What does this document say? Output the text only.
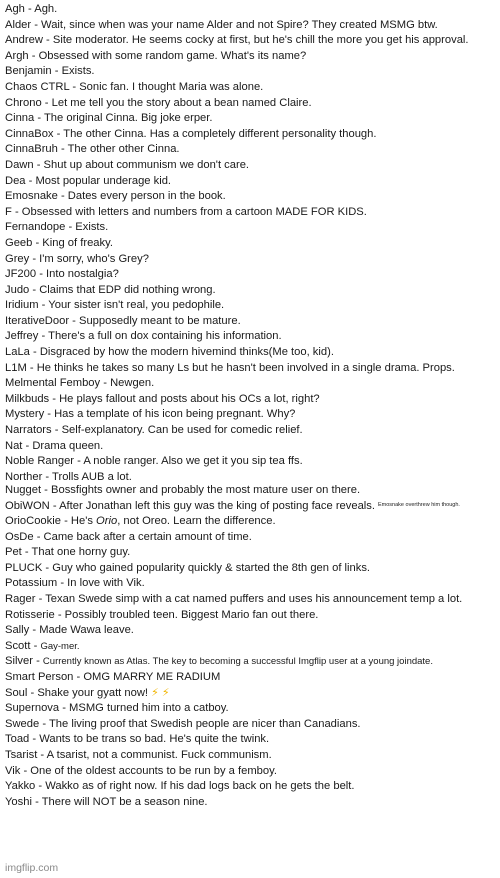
Agh - Agh.
Alder - Wait, since when was your name Alder and not Spire? They created MSMG btw.
Andrew - Site moderator. He seems cocky at first, but he's chill the more you get his approval.
Argh - Obsessed with some random game. What's its name?
Benjamin - Exists.
Chaos CTRL - Sonic fan. I thought Maria was alone.
Chrono - Let me tell you the story about a bean named Claire.
Cinna - The original Cinna. Big joke erper.
CinnaBox - The other Cinna. Has a completely different personality though.
CinnaBruh - The other other Cinna.
Dawn - Shut up about communism we don't care.
Dea - Most popular underage kid.
Emosnake - Dates every person in the book.
F - Obsessed with letters and numbers from a cartoon MADE FOR KIDS.
Fernandope - Exists.
Geeb - King of freaky.
Grey - I'm sorry, who's Grey?
JF200 - Into nostalgia?
Judo - Claims that EDP did nothing wrong.
Iridium - Your sister isn't real, you pedophile.
IterativeDoor - Supposedly meant to be mature.
Jeffrey - There's a full on dox containing his information.
LaLa - Disgraced by how the modern hivemind thinks(Me too, kid).
L1M - He thinks he takes so many Ls but he hasn't been involved in a single drama. Props.
Melmental Femboy - Newgen.
Milkbuds - He plays fallout and posts about his OCs a lot, right?
Mystery - Has a template of his icon being pregnant. Why?
Narrators - Self-explanatory. Can be used for comedic relief.
Nat - Drama queen.
Noble Ranger - A noble ranger. Also we get it you sip tea ffs.
Norther - Trolls AUB a lot.
Nugget - Bossfights owner and probably the most mature user on there.
ObiWON - After Jonathan left this guy was the king of posting face reveals. Emosnake overthrew him though.
OrioCookie - He's Orio, not Oreo. Learn the difference.
OsDe - Came back after a certain amount of time.
Pet - That one horny guy.
PLUCK - Guy who gained popularity quickly & started the 8th gen of links.
Potassium - In love with Vik.
Rager - Texan Swede simp with a cat named puffers and uses his announcement temp a lot.
Rotisserie - Possibly troubled teen. Biggest Mario fan out there.
Sally - Made Wawa leave.
Scott - Gay-mer.
Silver - Currently known as Atlas. The key to becoming a successful Imgflip user at a young joindate.
Smart Person - OMG MARRY ME RADIUM
Soul - Shake your gyatt now! ⚡ ⚡
Supernova - MSMG turned him into a catboy.
Swede - The living proof that Swedish people are nicer than Canadians.
Toad - Wants to be trans so bad. He's quite the twink.
Tsarist - A tsarist, not a communist. Fuck communism.
Vik - One of the oldest accounts to be run by a femboy.
Yakko - Wakko as of right now. If his dad logs back on he gets the belt.
Yoshi - There will NOT be a season nine.
imgflip.com
